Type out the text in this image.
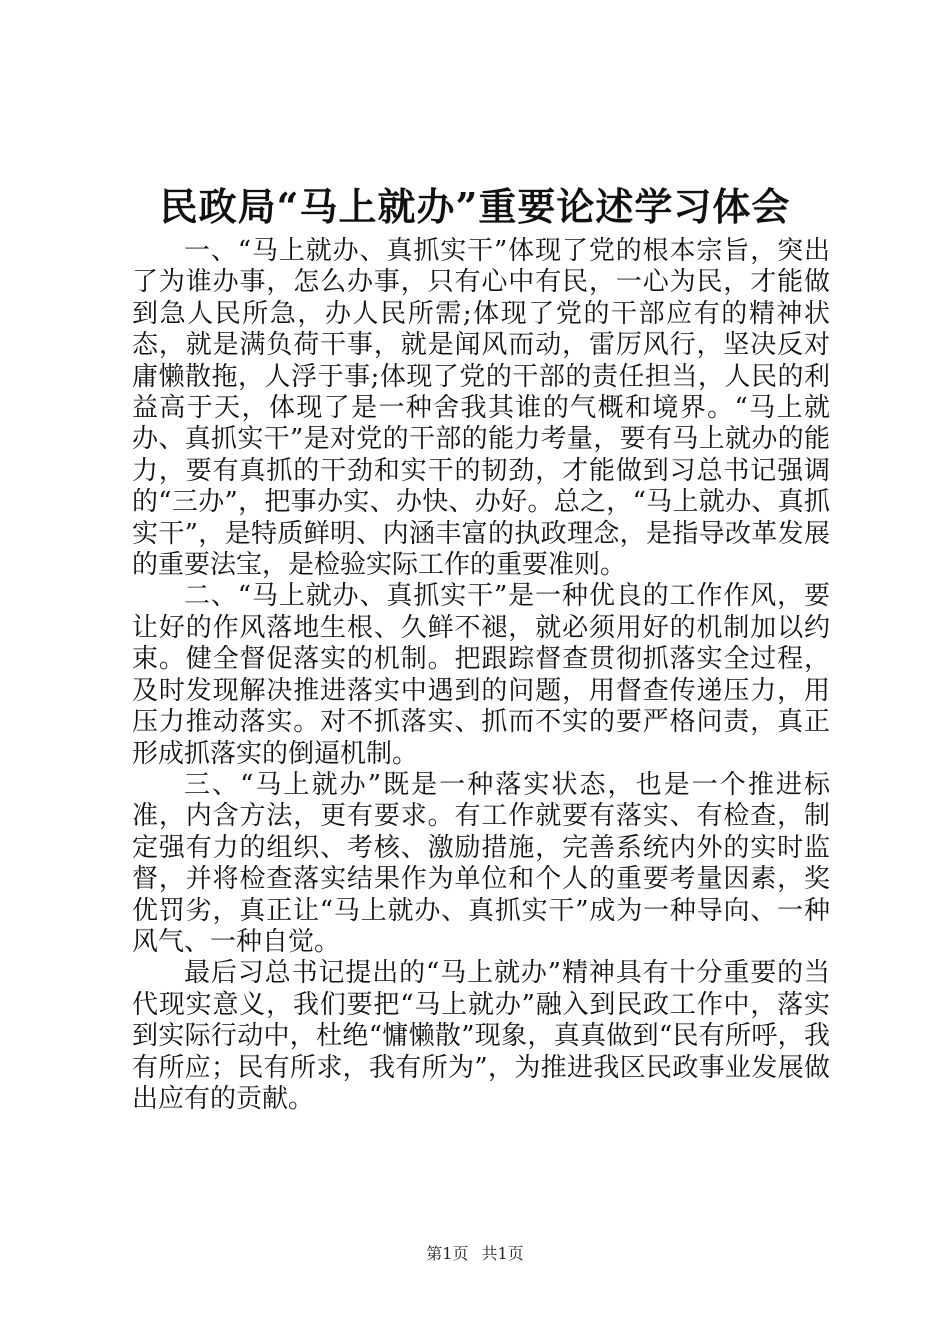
民政局“马上就办”重要论述学习体会

一、“马上就办、真抓实干”体现了党的根本宗旨，突出了为谁办事，怎么办事，只有心中有民，一心为民，才能做到急人民所急，办人民所需;体现了党的干部应有的精神状态，就是满负荷干事，就是闻风而动，雷厉风行，坚决反对庸懒散拖，人浮于事;体现了党的干部的责任担当，人民的利益高于天，体现了是一种舍我其谁的气概和境界。“马上就办、真抓实干”是对党的干部的能力考量，要有马上就办的能力，要有真抓的干劲和实干的韧劲，才能做到习总书记强调的“三办”，把事办实、办快、办好。总之，“马上就办、真抓实干”，是特质鲜明、内涵丰富的执政理念，是指导改革发展的重要法宝，是检验实际工作的重要准则。

二、“马上就办、真抓实干”是一种优良的工作作风，要让好的作风落地生根、久鲜不褪，就必须用好的机制加以约束。健全督促落实的机制。把跟踪督查贯彻抓落实全过程，及时发现解决推进落实中遇到的问题，用督查传递压力，用压力推动落实。对不抓落实、抓而不实的要严格问责，真正形成抓落实的倒逼机制。

三、“马上就办”既是一种落实状态，也是一个推进标准，内含方法，更有要求。有工作就要有落实、有检查，制定强有力的组织、考核、激励措施，完善系统内外的实时监督，并将检查落实结果作为单位和个人的重要考量因素，奖优罚劣，真正让“马上就办、真抓实干”成为一种导向、一种风气、一种自觉。

最后习总书记提出的“马上就办”精神具有十分重要的当代现实意义，我们要把“马上就办”融入到民政工作中，落实到实际行动中，杜绝“慵懒散”现象，真真做到“民有所呼，我有所应；民有所求，我有所为”，为推进我区民政事业发展做出应有的贡献。

第1页 共1页
